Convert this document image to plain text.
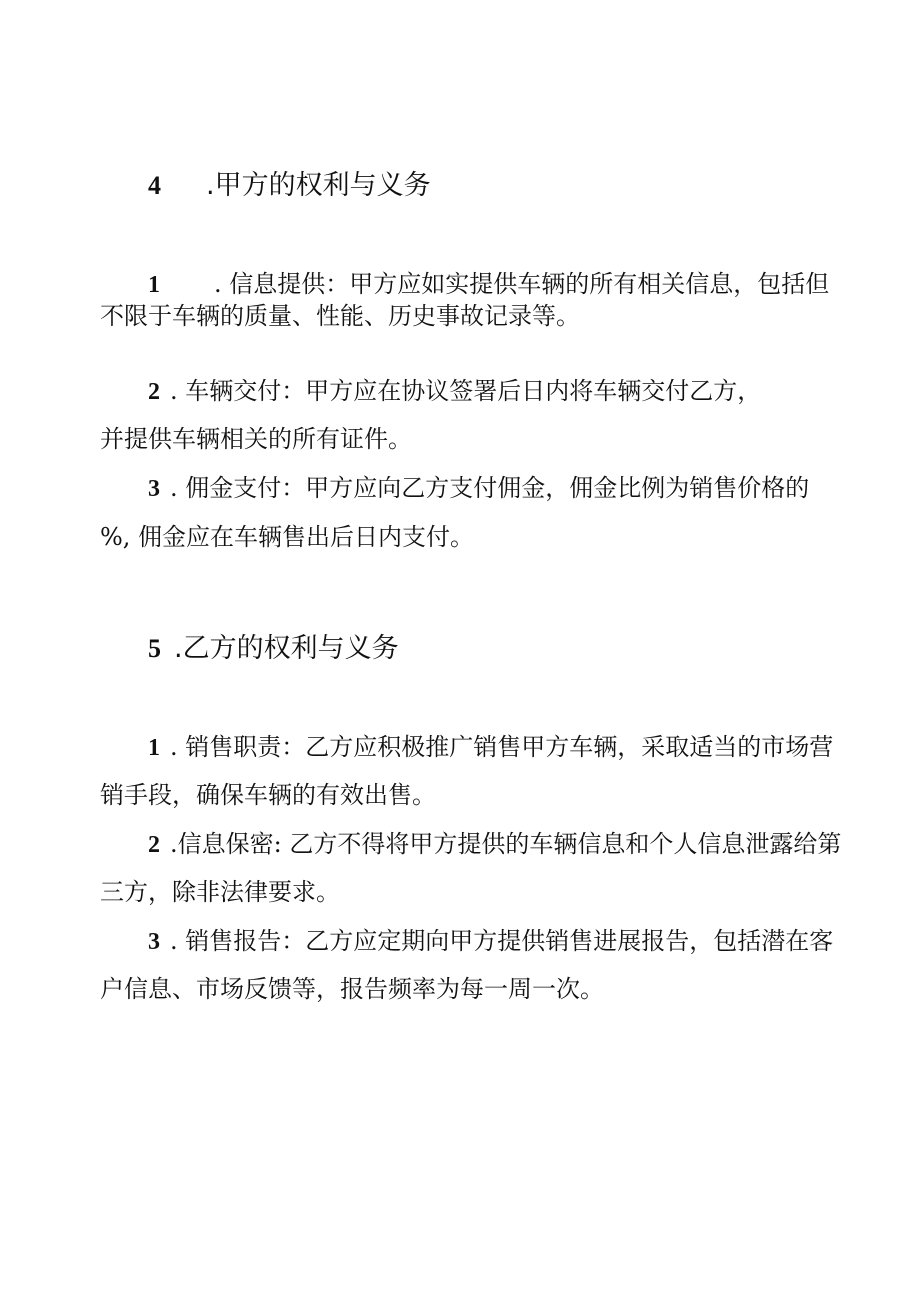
4 .甲方的权利与义务
1 . 信息提供：甲方应如实提供车辆的所有相关信息，包括但
不限于车辆的质量、性能、历史事故记录等。
2 . 车辆交付：甲方应在协议签署后日内将车辆交付乙方，
并提供车辆相关的所有证件。
3 . 佣金支付：甲方应向乙方支付佣金，佣金比例为销售价格的
%, 佣金应在车辆售出后日内支付。
5 .乙方的权利与义务
1 . 销售职责：乙方应积极推广销售甲方车辆，采取适当的市场营
销手段，确保车辆的有效出售。
2 .信息保密: 乙方不得将甲方提供的车辆信息和个人信息泄露给第
三方，除非法律要求。
3 . 销售报告：乙方应定期向甲方提供销售进展报告，包括潜在客
户信息、市场反馈等，报告频率为每一周一次。
